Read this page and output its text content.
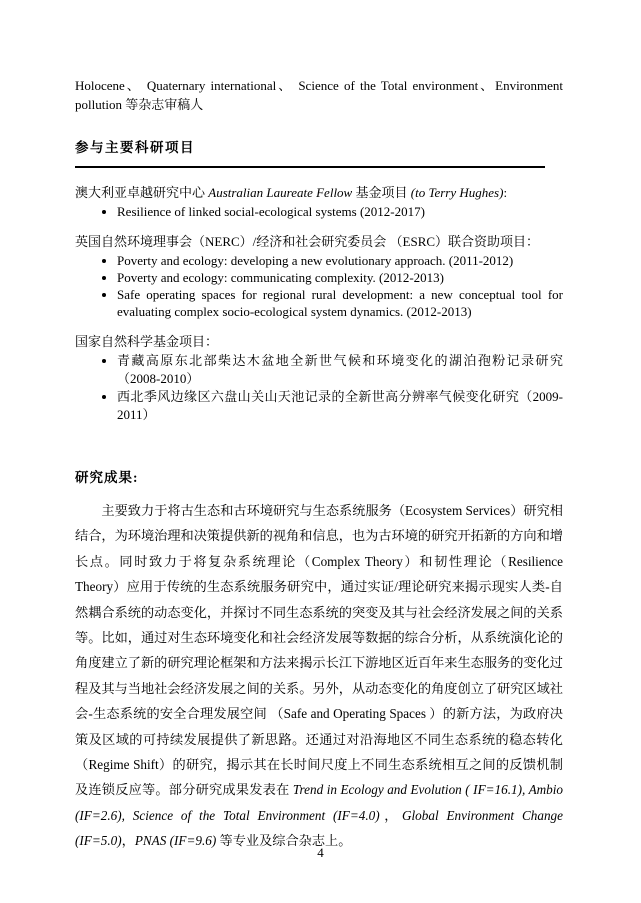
Holocene、 Quaternary international、 Science of the Total environment、Environment pollution 等杂志审稿人

参与主要科研项目

澳大利亚卓越研究中心 Australian Laureate Fellow 基金项目 (to Terry Hughes):

• Resilience of linked social-ecological systems (2012-2017)

英国自然环境理事会（NERC）/经济和社会研究委员会 （ESRC）联合资助项目：

• Poverty and ecology: developing a new evolutionary approach. (2011-2012)
• Poverty and ecology: communicating complexity. (2012-2013)
• Safe operating spaces for regional rural development: a new conceptual tool for evaluating complex socio-ecological system dynamics. (2012-2013)

国家自然科学基金项目：

• 青藏高原东北部柴达木盆地全新世气候和环境变化的湖泊孢粉记录研究（2008-2010）
• 西北季风边缘区六盘山关山天池记录的全新世高分辨率气候变化研究（2009-2011）
研究成果:

主要致力于将古生态和古环境研究与生态系统服务（Ecosystem Services）研究相结合，为环境治理和决策提供新的视角和信息，也为古环境的研究开拓新的方向和增长点。同时致力于将复杂系统理论（Complex Theory）和韧性理论（Resilience Theory）应用于传统的生态系统服务研究中，通过实证/理论研究来揭示现实人类-自然耦合系统的动态变化，并探讨不同生态系统的突变及其与社会经济发展之间的关系等。比如，通过对生态环境变化和社会经济发展等数据的综合分析，从系统演化论的角度建立了新的研究理论框架和方法来揭示长江下游地区近百年来生态服务的变化过程及其与当地社会经济发展之间的关系。另外，从动态变化的角度创立了研究区域社会-生态系统的安全合理发展空间 （Safe and Operating Spaces ）的新方法，为政府决策及区域的可持续发展提供了新思路。还通过对沿海地区不同生态系统的稳态转化（Regime Shift）的研究，揭示其在长时间尺度上不同生态系统相互之间的反馈机制及连锁反应等。部分研究成果发表在 Trend in Ecology and Evolution ( IF=16.1), Ambio (IF=2.6), Science of the Total Environment (IF=4.0)，Global Environment Change (IF=5.0)，PNAS (IF=9.6) 等专业及综合杂志上。

4
